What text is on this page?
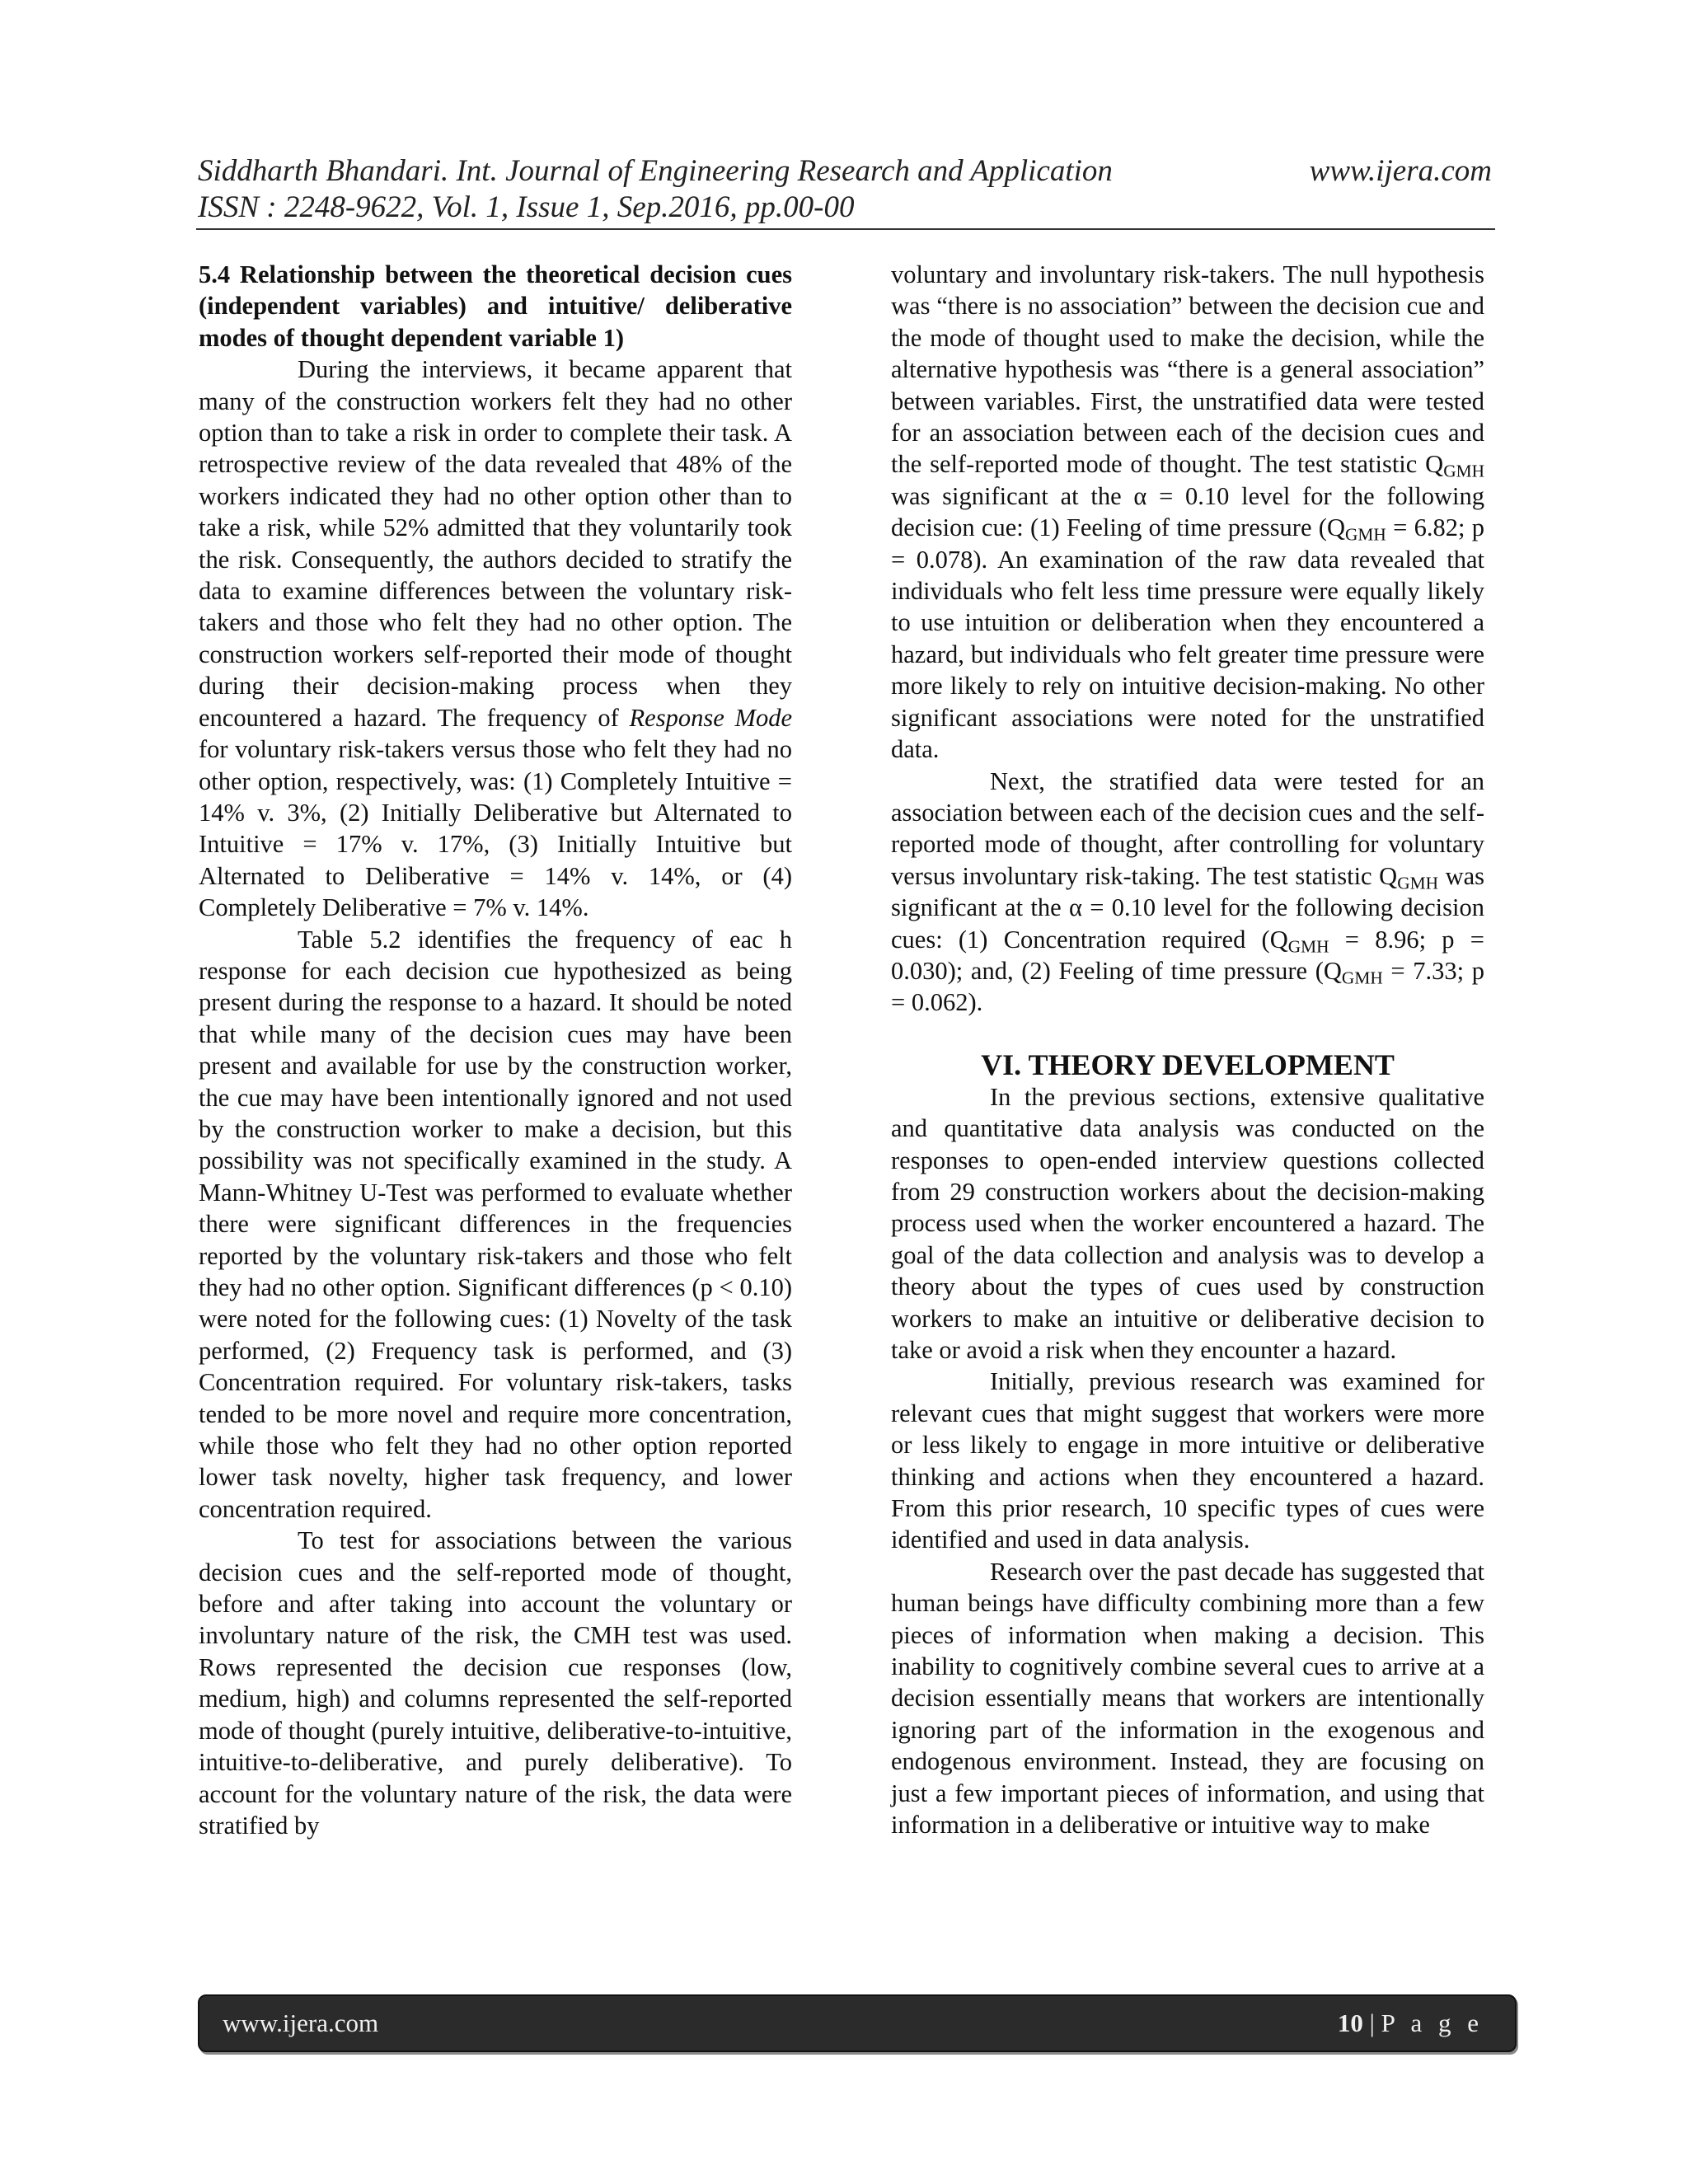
Siddharth Bhandari. Int. Journal of Engineering Research and Application	www.ijera.com
ISSN : 2248-9622, Vol. 1, Issue 1, Sep.2016, pp.00-00
5.4 Relationship between the theoretical decision cues (independent variables) and intuitive/ deliberative modes of thought dependent variable 1)

During the interviews, it became apparent that many of the construction workers felt they had no other option than to take a risk in order to complete their task. A retrospective review of the data revealed that 48% of the workers indicated they had no other option other than to take a risk, while 52% admitted that they voluntarily took the risk. Consequently, the authors decided to stratify the data to examine differences between the voluntary risk-takers and those who felt they had no other option. The construction workers self-reported their mode of thought during their decision-making process when they encountered a hazard. The frequency of Response Mode for voluntary risk-takers versus those who felt they had no other option, respectively, was: (1) Completely Intuitive = 14% v. 3%, (2) Initially Deliberative but Alternated to Intuitive = 17% v. 17%, (3) Initially Intuitive but Alternated to Deliberative = 14% v. 14%, or (4) Completely Deliberative = 7% v. 14%.

Table 5.2 identifies the frequency of eac h response for each decision cue hypothesized as being present during the response to a hazard. It should be noted that while many of the decision cues may have been present and available for use by the construction worker, the cue may have been intentionally ignored and not used by the construction worker to make a decision, but this possibility was not specifically examined in the study. A Mann-Whitney U-Test was performed to evaluate whether there were significant differences in the frequencies reported by the voluntary risk-takers and those who felt they had no other option. Significant differences (p < 0.10) were noted for the following cues: (1) Novelty of the task performed, (2) Frequency task is performed, and (3) Concentration required. For voluntary risk-takers, tasks tended to be more novel and require more concentration, while those who felt they had no other option reported lower task novelty, higher task frequency, and lower concentration required.

To test for associations between the various decision cues and the self-reported mode of thought, before and after taking into account the voluntary or involuntary nature of the risk, the CMH test was used. Rows represented the decision cue responses (low, medium, high) and columns represented the self-reported mode of thought (purely intuitive, deliberative-to-intuitive, intuitive-to-deliberative, and purely deliberative). To account for the voluntary nature of the risk, the data were stratified by

voluntary and involuntary risk-takers. The null hypothesis was “there is no association” between the decision cue and the mode of thought used to make the decision, while the alternative hypothesis was “there is a general association” between variables. First, the unstratified data were tested for an association between each of the decision cues and the self-reported mode of thought. The test statistic $Q_{GMH}$ was significant at the α = 0.10 level for the following decision cue: (1) Feeling of time pressure ($Q_{GMH} = 6.82$; p = 0.078). An examination of the raw data revealed that individuals who felt less time pressure were equally likely to use intuition or deliberation when they encountered a hazard, but individuals who felt greater time pressure were more likely to rely on intuitive decision-making. No other significant associations were noted for the unstratified data.

Next, the stratified data were tested for an association between each of the decision cues and the self-reported mode of thought, after controlling for voluntary versus involuntary risk-taking. The test statistic $Q_{GMH}$ was significant at the α = 0.10 level for the following decision cues: (1) Concentration required ($Q_{GMH} = 8.96$; p = 0.030); and, (2) Feeling of time pressure ($Q_{GMH} = 7.33$; p = 0.062).

VI. THEORY DEVELOPMENT

In the previous sections, extensive qualitative and quantitative data analysis was conducted on the responses to open-ended interview questions collected from 29 construction workers about the decision-making process used when the worker encountered a hazard. The goal of the data collection and analysis was to develop a theory about the types of cues used by construction workers to make an intuitive or deliberative decision to take or avoid a risk when they encounter a hazard.

Initially, previous research was examined for relevant cues that might suggest that workers were more or less likely to engage in more intuitive or deliberative thinking and actions when they encountered a hazard. From this prior research, 10 specific types of cues were identified and used in data analysis.

Research over the past decade has suggested that human beings have difficulty combining more than a few pieces of information when making a decision. This inability to cognitively combine several cues to arrive at a decision essentially means that workers are intentionally ignoring part of the information in the exogenous and endogenous environment. Instead, they are focusing on just a few important pieces of information, and using that information in a deliberative or intuitive way to make

www.ijera.com	10 | P a g e
